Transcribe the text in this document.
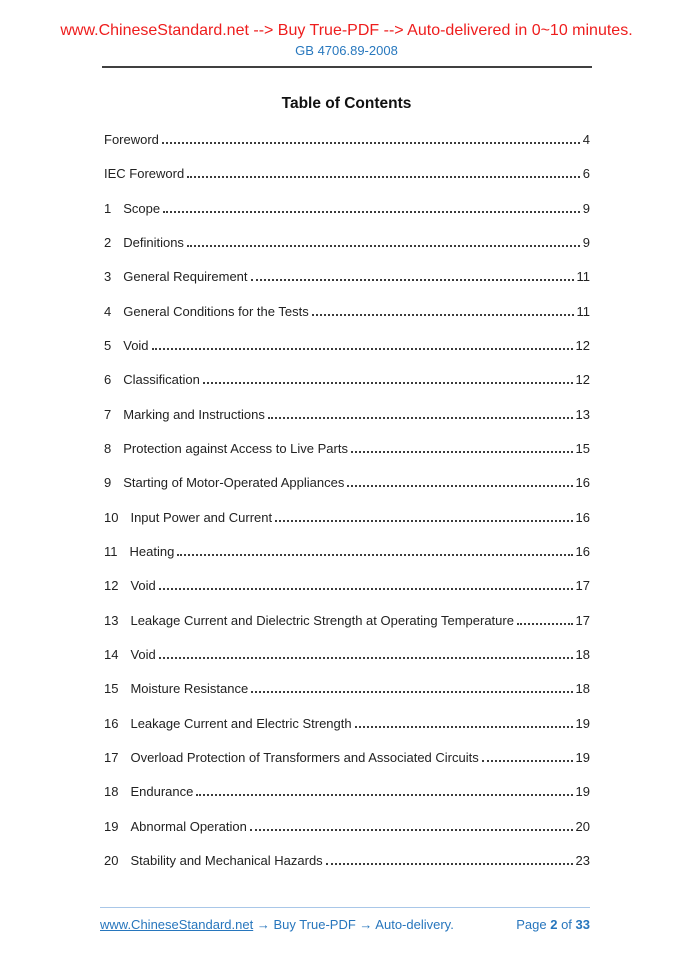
www.ChineseStandard.net --> Buy True-PDF --> Auto-delivered in 0~10 minutes.
GB 4706.89-2008
Table of Contents
Foreword	4
IEC Foreword	6
1 Scope	9
2 Definitions	9
3 General Requirement	11
4 General Conditions for the Tests	11
5 Void	12
6 Classification	12
7 Marking and Instructions	13
8 Protection against Access to Live Parts	15
9 Starting of Motor-Operated Appliances	16
10 Input Power and Current	16
11 Heating	16
12 Void	17
13 Leakage Current and Dielectric Strength at Operating Temperature	17
14 Void	18
15 Moisture Resistance	18
16 Leakage Current and Electric Strength	19
17 Overload Protection of Transformers and Associated Circuits	19
18 Endurance	19
19 Abnormal Operation	20
20 Stability and Mechanical Hazards	23
www.ChineseStandard.net → Buy True-PDF → Auto-delivery.	Page 2 of 33
